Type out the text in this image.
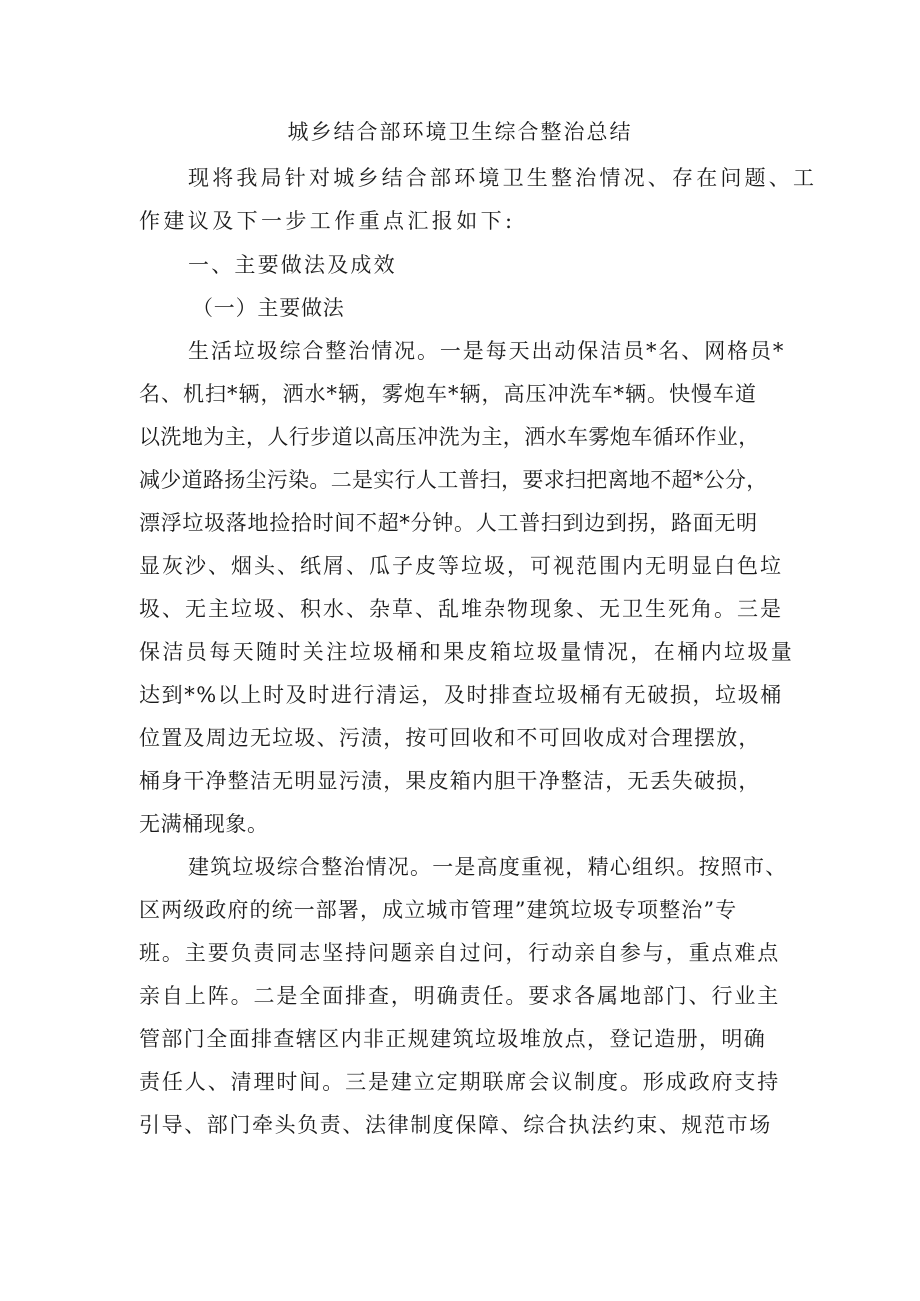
城乡结合部环境卫生综合整治总结

现将我局针对城乡结合部环境卫生整治情况、存在问题、工

作建议及下一步工作重点汇报如下:

一、主要做法及成效

（一）主要做法

生活垃圾综合整治情况。一是每天出动保洁员*名、网格员*

名、机扫*辆，洒水*辆，雾炮车*辆，高压冲洗车*辆。快慢车道

以洗地为主，人行步道以高压冲洗为主，洒水车雾炮车循环作业，

减少道路扬尘污染。二是实行人工普扫，要求扫把离地不超*公分，

漂浮垃圾落地捡拾时间不超*分钟。人工普扫到边到拐，路面无明

显灰沙、烟头、纸屑、瓜子皮等垃圾，可视范围内无明显白色垃

圾、无主垃圾、积水、杂草、乱堆杂物现象、无卫生死角。三是

保洁员每天随时关注垃圾桶和果皮箱垃圾量情况，在桶内垃圾量

达到*%以上时及时进行清运，及时排查垃圾桶有无破损，垃圾桶

位置及周边无垃圾、污渍，按可回收和不可回收成对合理摆放，

桶身干净整洁无明显污渍，果皮箱内胆干净整洁，无丢失破损，

无满桶现象。

建筑垃圾综合整治情况。一是高度重视，精心组织。按照市、

区两级政府的统一部署，成立城市管理”建筑垃圾专项整治”专

班。主要负责同志坚持问题亲自过问，行动亲自参与，重点难点

亲自上阵。二是全面排查，明确责任。要求各属地部门、行业主

管部门全面排查辖区内非正规建筑垃圾堆放点，登记造册，明确

责任人、清理时间。三是建立定期联席会议制度。形成政府支持

引导、部门牵头负责、法律制度保障、综合执法约束、规范市场
